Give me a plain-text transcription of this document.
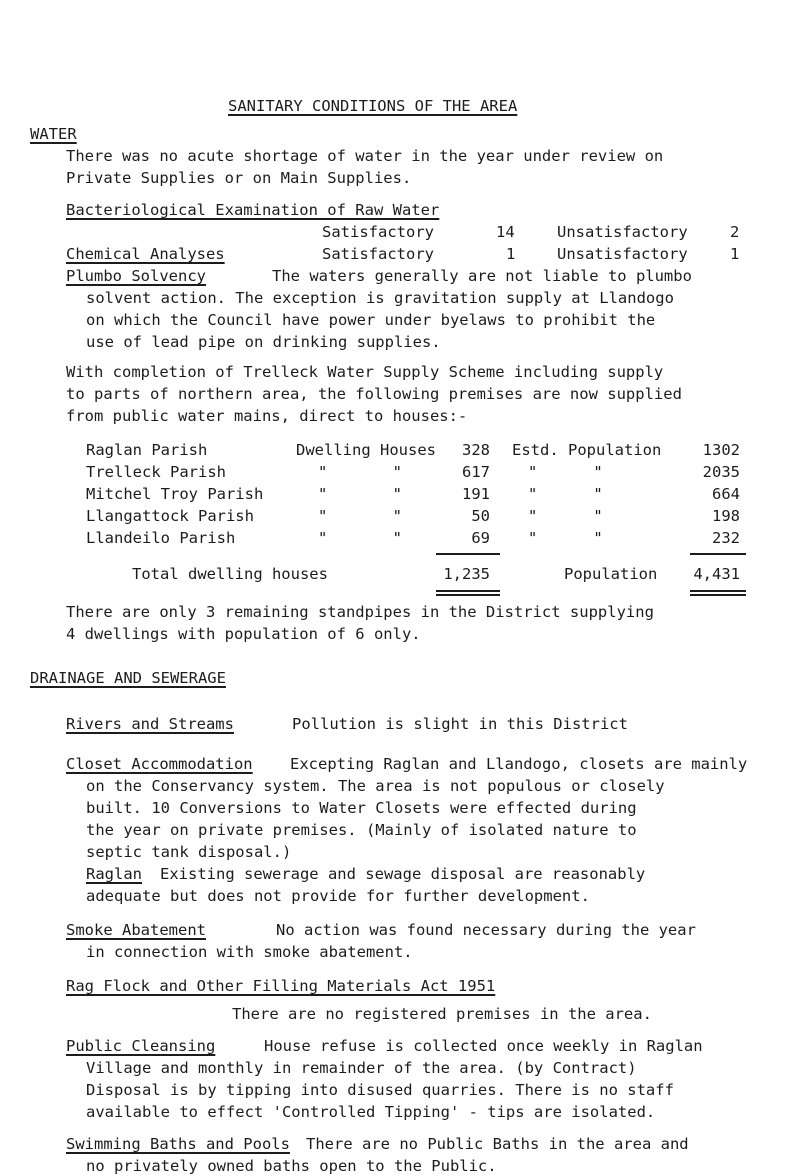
SANITARY CONDITIONS OF THE AREA
WATER
There was no acute shortage of water in the year under review on
Private Supplies or on Main Supplies.
Bacteriological Examination of Raw Water
Satisfactory	14	Unsatisfactory	2
Chemical Analyses	Satisfactory	1	Unsatisfactory	1
Plumbo Solvency	The waters generally are not liable to plumbo
solvent action. The exception is gravitation supply at Llandogo
on which the Council have power under byelaws to prohibit the
use of lead pipe on drinking supplies.
With completion of Trelleck Water Supply Scheme including supply
to parts of northern area, the following premises are now supplied
from public water mains, direct to houses:-
Raglan Parish	Dwelling Houses	328 Estd. Population	1302
Trelleck Parish	"       "	617 "      "	2035
Mitchel Troy Parish	"       "	191 "      "	664
Llangattock Parish	"       "	50 "      "	198
Llandeilo Parish	"       "	69 "      "	232
Total dwelling houses	1,235	Population	4,431
There are only 3 remaining standpipes in the District supplying
4 dwellings with population of 6 only.
DRAINAGE AND SEWERAGE
Rivers and Streams	Pollution is slight in this District
Closet Accommodation Excepting Raglan and Llandogo, closets are mainly
on the Conservancy system. The area is not populous or closely
built. 10 Conversions to Water Closets were effected during
the year on private premises. (Mainly of isolated nature to
septic tank disposal.)
Raglan Existing sewerage and sewage disposal are reasonably
adequate but does not provide for further development.
Smoke Abatement	No action was found necessary during the year
in connection with smoke abatement.
Rag Flock and Other Filling Materials Act 1951
There are no registered premises in the area.
Public Cleansing	House refuse is collected once weekly in Raglan
Village and monthly in remainder of the area. (by Contract)
Disposal is by tipping into disused quarries. There is no staff
available to effect 'Controlled Tipping' - tips are isolated.
Swimming Baths and Pools There are no Public Baths in the area and
no privately owned baths open to the Public.
